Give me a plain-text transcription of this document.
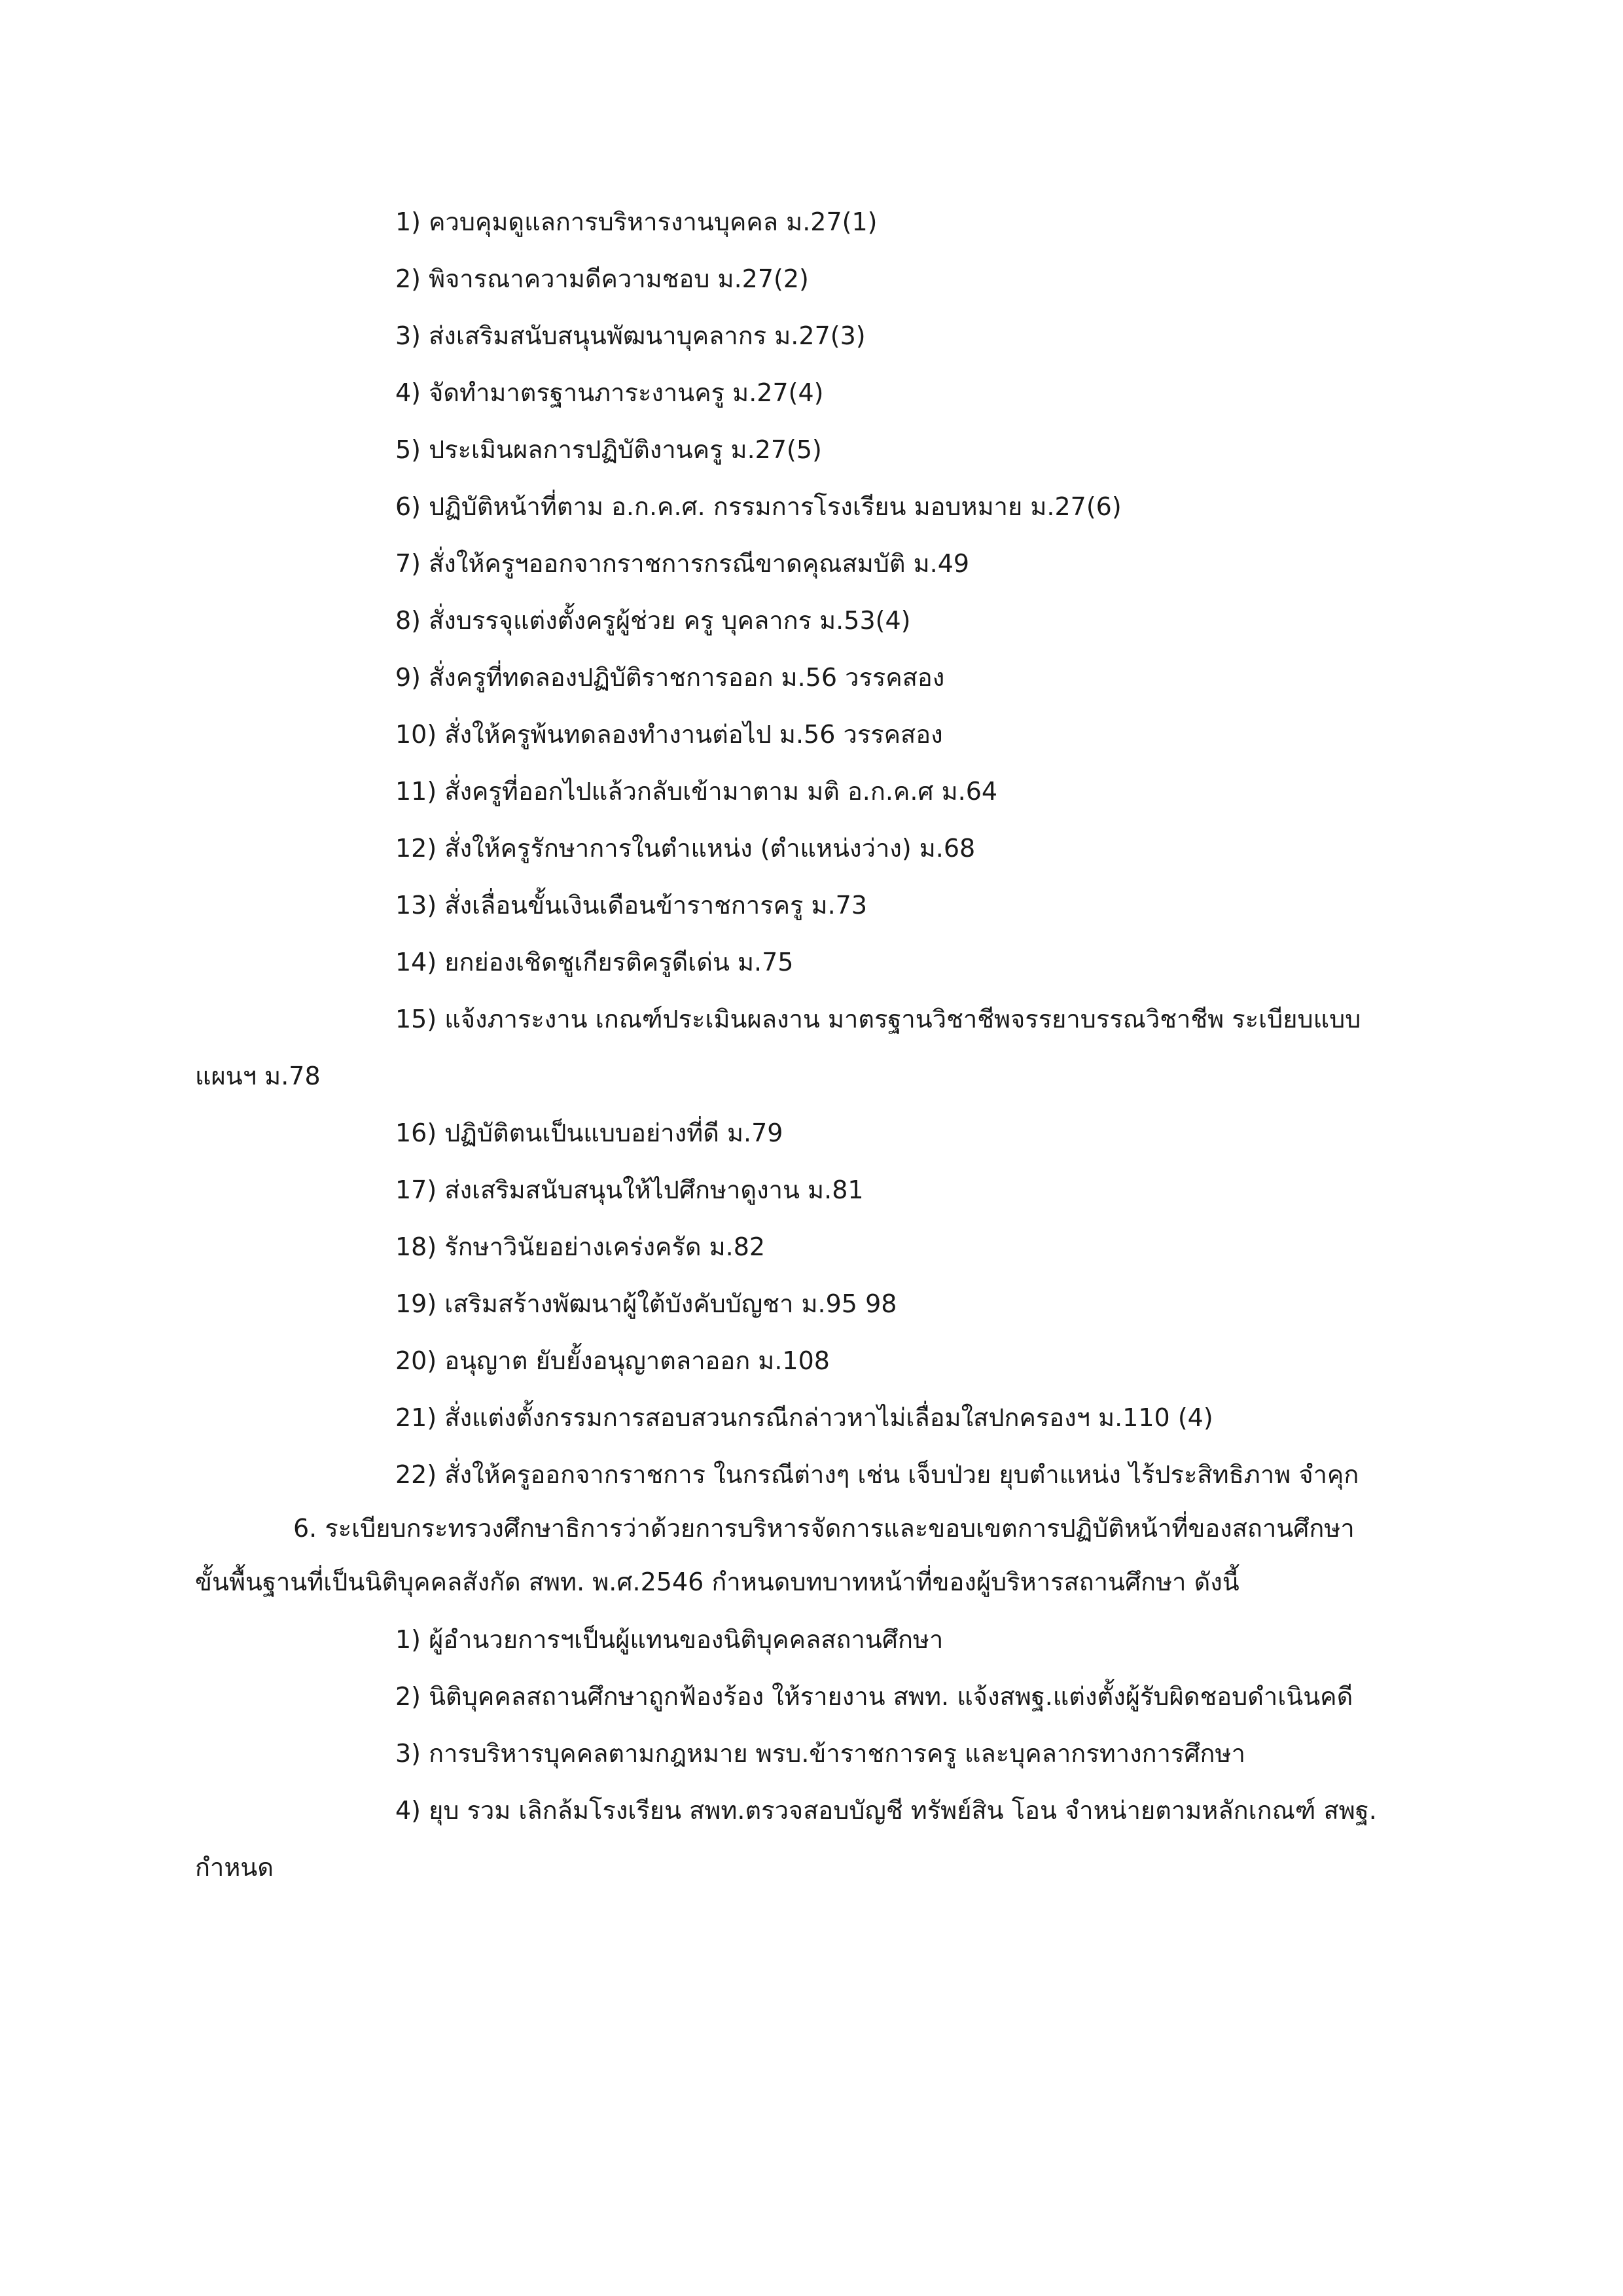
1) ควบคุมดูแลการบริหารงานบุคคล ม.27(1)
2) พิจารณาความดีความชอบ ม.27(2)
3) ส่งเสริมสนับสนุนพัฒนาบุคลากร ม.27(3)
4) จัดทำมาตรฐานภาระงานครู ม.27(4)
5) ประเมินผลการปฏิบัติงานครู ม.27(5)
6) ปฏิบัติหน้าที่ตาม อ.ก.ค.ศ. กรรมการโรงเรียน มอบหมาย ม.27(6)
7) สั่งให้ครูฯออกจากราชการกรณีขาดคุณสมบัติ ม.49
8) สั่งบรรจุแต่งตั้งครูผู้ช่วย ครู บุคลากร ม.53(4)
9) สั่งครูที่ทดลองปฏิบัติราชการออก ม.56 วรรคสอง
10) สั่งให้ครูพ้นทดลองทำงานต่อไป ม.56 วรรคสอง
11) สั่งครูที่ออกไปแล้วกลับเข้ามาตาม มติ อ.ก.ค.ศ ม.64
12) สั่งให้ครูรักษาการในตำแหน่ง (ตำแหน่งว่าง) ม.68
13) สั่งเลื่อนขั้นเงินเดือนข้าราชการครู ม.73
14) ยกย่องเชิดชูเกียรติครูดีเด่น ม.75
15) แจ้งภาระงาน เกณฑ์ประเมินผลงาน มาตรฐานวิชาชีพจรรยาบรรณวิชาชีพ ระเบียบแบบ
แผนฯ ม.78
16) ปฏิบัติตนเป็นแบบอย่างที่ดี ม.79
17) ส่งเสริมสนับสนุนให้ไปศึกษาดูงาน ม.81
18) รักษาวินัยอย่างเคร่งครัด ม.82
19) เสริมสร้างพัฒนาผู้ใต้บังคับบัญชา ม.95 98
20) อนุญาต ยับยั้งอนุญาตลาออก ม.108
21) สั่งแต่งตั้งกรรมการสอบสวนกรณีกล่าวหาไม่เลื่อมใสปกครองฯ ม.110 (4)
22) สั่งให้ครูออกจากราชการ ในกรณีต่างๆ เช่น เจ็บป่วย ยุบตำแหน่ง ไร้ประสิทธิภาพ จำคุก
6. ระเบียบกระทรวงศึกษาธิการว่าด้วยการบริหารจัดการและขอบเขตการปฏิบัติหน้าที่ของสถานศึกษา
ขั้นพื้นฐานที่เป็นนิติบุคคลสังกัด สพท. พ.ศ.2546 กำหนดบทบาทหน้าที่ของผู้บริหารสถานศึกษา ดังนี้
1) ผู้อำนวยการฯเป็นผู้แทนของนิติบุคคลสถานศึกษา
2) นิติบุคคลสถานศึกษาถูกฟ้องร้อง ให้รายงาน สพท. แจ้งสพฐ.แต่งตั้งผู้รับผิดชอบดำเนินคดี
3) การบริหารบุคคลตามกฎหมาย พรบ.ข้าราชการครู และบุคลากรทางการศึกษา
4) ยุบ รวม เลิกล้มโรงเรียน สพท.ตรวจสอบบัญชี ทรัพย์สิน โอน จำหน่ายตามหลักเกณฑ์ สพฐ.
กำหนด
